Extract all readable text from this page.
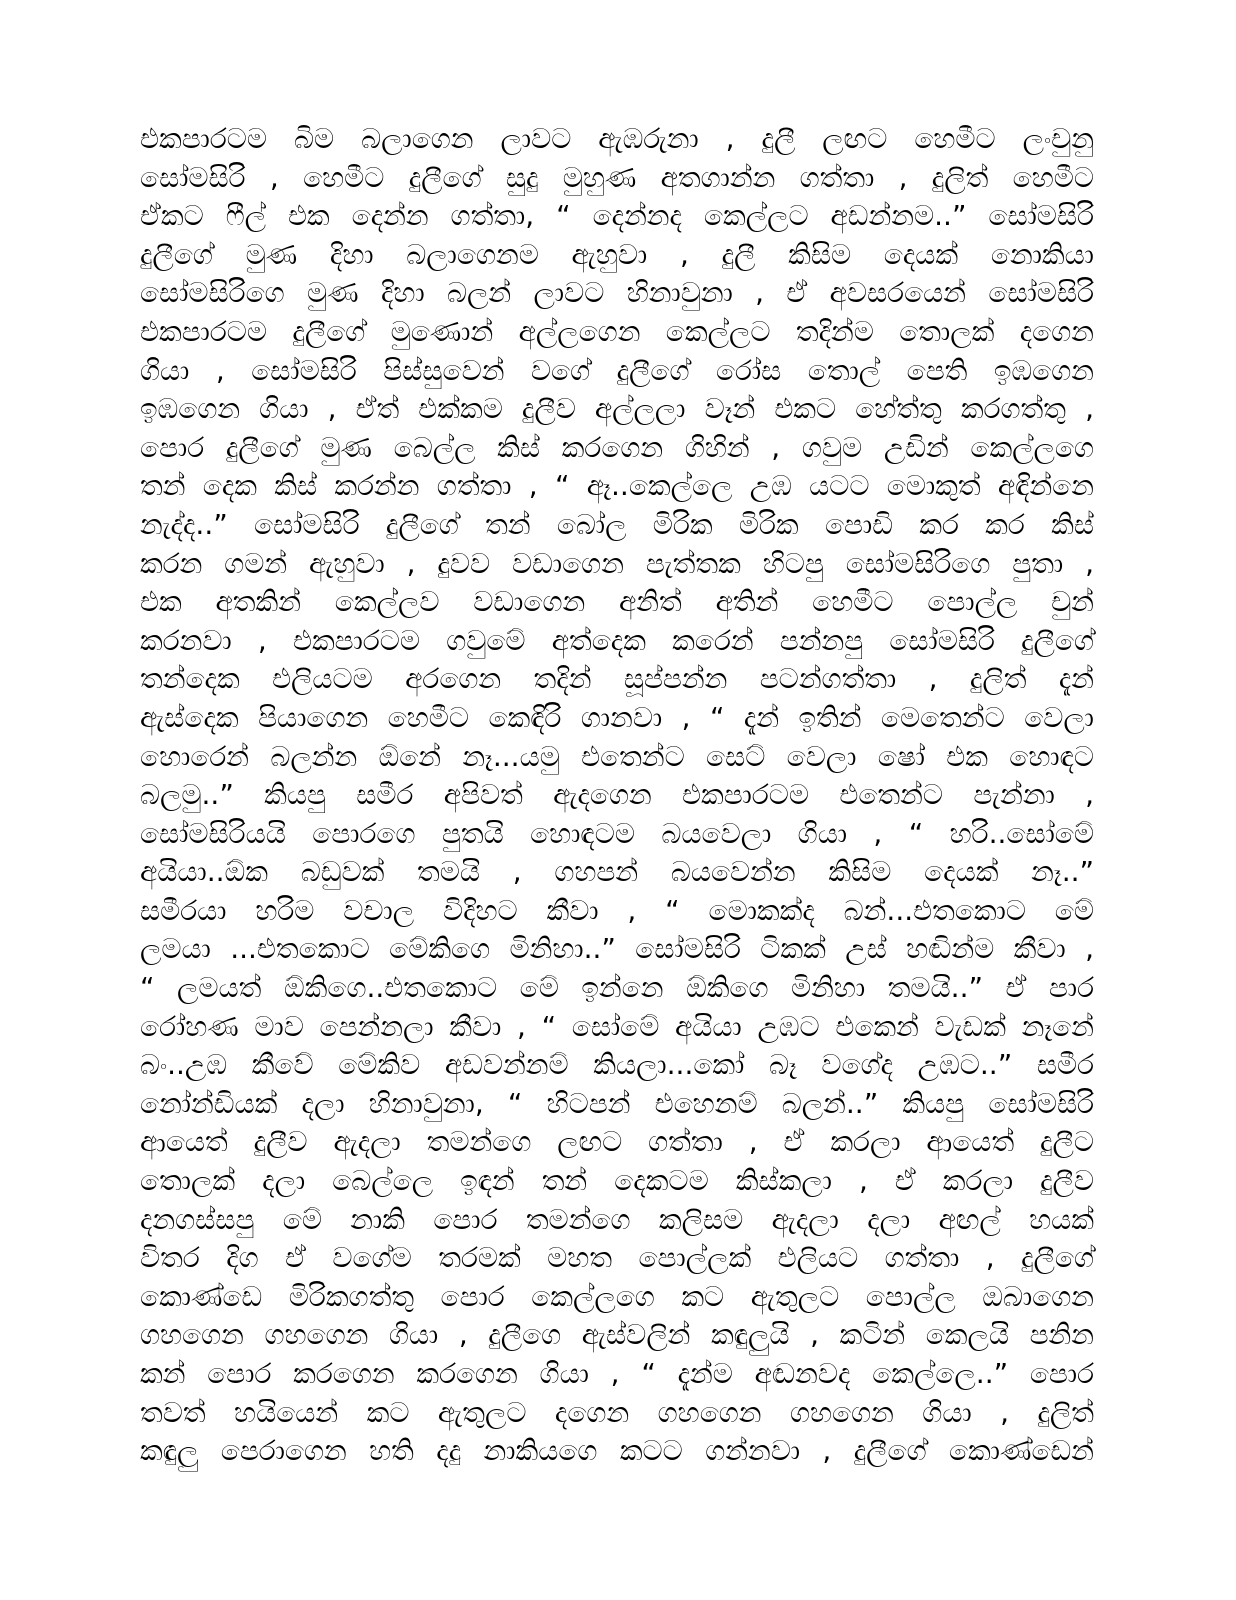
එකපාරටම බිම බලාගෙන ලාවට ඇඹරුනා , දුලී ලඟට හෙමීට ලංචුනු
සෝමසිරි , හෙමීට දුලීගේ සුදු මුහුණ අතගාන්න ගත්තා , දුලිත් හෙමීට
ඒකට ෆීල් එක දෙන්න ගත්තා, “ දෙන්නද කෙල්ලට අඩන්නම..” සෝමසිරි
දුලීගේ මුණ දිහා බලාගෙනම ඇහුවා , දුලී කිසිම දෙයක් නොකියා
සෝමසිරිගෙ මුණ දිහා බලන් ලාවට හිනාවුනා , ඒ අවසරයෙන් සෝමසිරි
එකපාරටම දුලීගේ මුණොන් අල්ලගෙන කෙල්ලට තදින්ම තොලක් දගෙන
ගියා , සෝමසිරි පිස්සුවෙන් වගේ දුලීගේ රෝස තොල් පෙති ඉඹගෙන
ඉඹගෙන ගියා , ඒත් එක්කම දුලීව අල්ලලා වෑන් එකට හේත්තු කරගත්තු ,
පොර දුලීගේ මුණ බෙල්ල කිස් කරගෙන ගිහින් , ගවුම උඩින් කෙල්ලගෙ
තන් දෙක කිස් කරන්න ගත්තා , “ ඈ..කෙල්ලෙ උඹ යටට මොකුත් අඳින්නෙ
නැද්ද..” සෝමසිරි දුලීගේ තන් බෝල මිරික මිරික පොඩි කර කර කිස්
කරන ගමන් ඇහුවා , දුවව වඩාගෙන පැත්තක හිටපු සෝමසිරිගෙ පුතා ,
එක අතකින් කෙල්ලව වඩාගෙන අනිත් අතින් හෙමීට පොල්ල චුන්
කරනවා , එකපාරටම ගවුමේ අත්දෙක කරෙන් පන්නපු සෝමසිරි දුලීගේ
තන්දෙක එලියටම අරගෙන තදින් සූප්පන්න පටන්ගත්තා , දුලිත් දැන්
ඇස්දෙක පියාගෙන හෙමීට කෙඳිරි ගානවා , “ දැන් ඉතින් මෙතෙන්ට වෙලා
හොරෙන් බලන්න ඕනේ නෑ...යමු එතෙන්ට සෙට් වෙලා ෂෝ එක හොඳට
බලමු..” කියපු සමීර අපිවත් ඇදගෙන එකපාරටම එතෙන්ට පැන්නා ,
සෝමසිරියයි පොරගෙ පුතයි හොඳටම බයවෙලා ගියා , “ හරි..සෝමේ
අයියා..ඕක බඩුවක් තමයි , ගහපන් බයවෙන්න කිසිම දෙයක් නෑ..”
සමීරයා හරිම වචාල විදිහට කීවා , “ මොකක්ද බන්...එතකොට මේ
ලමයා ...එතකොට මේකිගෙ මිනිහා..” සෝමසිරි ටිකක් උස් හඬින්ම කීවා ,
“ ලමයත් ඕකිගෙ..එතකොට මේ ඉන්නෙ ඕකිගෙ මිනිහා තමයි..” ඒ පාර
රෝහණ මාව පෙන්නලා කීවා , “ සෝමේ අයියා උඹට එකෙන් වැඩක් නෑනේ
බං..උඹ කීවේ මේකිව අඩවන්නම් කියලා...කෝ බෑ වගේද උඹට..” සමීර
නෝන්ඩියක් දලා හිනාවුනා, “ හිටපන් එහෙනම් බලන්..” කියපු සෝමසිරි
ආයෙත් දුලීව ඇදලා තමන්ගෙ ලඟට ගත්තා , ඒ කරලා ආයෙත් දුලීට
තොලක් දලා බෙල්ලෙ ඉඳන් තන් දෙකටම කිස්කලා , ඒ කරලා දුලීව
දනගස්සපු මේ නාකි පොර තමන්ගෙ කලිසම ඇදලා දලා අඟල් හයක්
විතර දිග ඒ වගේම තරමක් මහත පොල්ලක් එලියට ගත්තා , දුලීගේ
කොණ්ඩෙ මිරිකගත්තු පොර කෙල්ලගෙ කට ඇතුලට පොල්ල ඔබාගෙන
ගහගෙන ගහගෙන ගියා , දුලීගෙ ඇස්වලින් කඳුලුයි , කටින් කෙලයි පනින
කන් පොර කරගෙන කරගෙන ගියා , “ දැන්ම අඬනවද කෙල්ලෙ..” පොර
තවත් හයියෙන් කට ඇතුලට දගෙන ගහගෙන ගහගෙන ගියා , දුලිත්
කඳුලු පෙරාගෙන හති දදු නාකියගෙ කටට ගන්නවා , දුලීගේ කොණ්ඩෙන්
